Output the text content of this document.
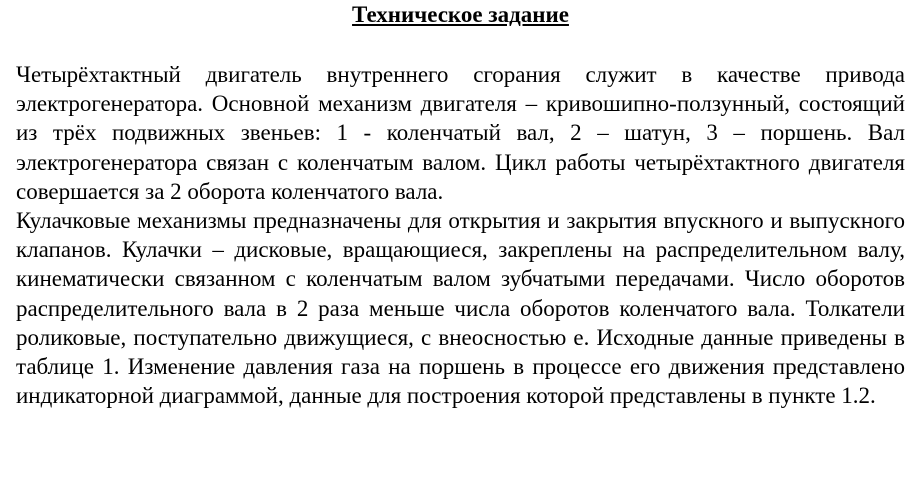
Техническое задание

Четырёхтактный двигатель внутреннего сгорания служит в качестве привода электрогенератора. Основной механизм двигателя – кривошипно-ползунный, состоящий из трёх подвижных звеньев: 1 - коленчатый вал, 2 – шатун, 3 – поршень. Вал электрогенератора связан с коленчатым валом. Цикл работы четырёхтактного двигателя совершается за 2 оборота коленчатого вала.

Кулачковые механизмы предназначены для открытия и закрытия впускного и выпускного клапанов. Кулачки – дисковые, вращающиеся, закреплены на распределительном валу, кинематически связанном с коленчатым валом зубчатыми передачами. Число оборотов распределительного вала в 2 раза меньше числа оборотов коленчатого вала. Толкатели роликовые, поступательно движущиеся, с внеосностью е. Исходные данные приведены в таблице 1. Изменение давления газа на поршень в процессе его движения представлено индикаторной диаграммой, данные для построения которой представлены в пункте 1.2.
